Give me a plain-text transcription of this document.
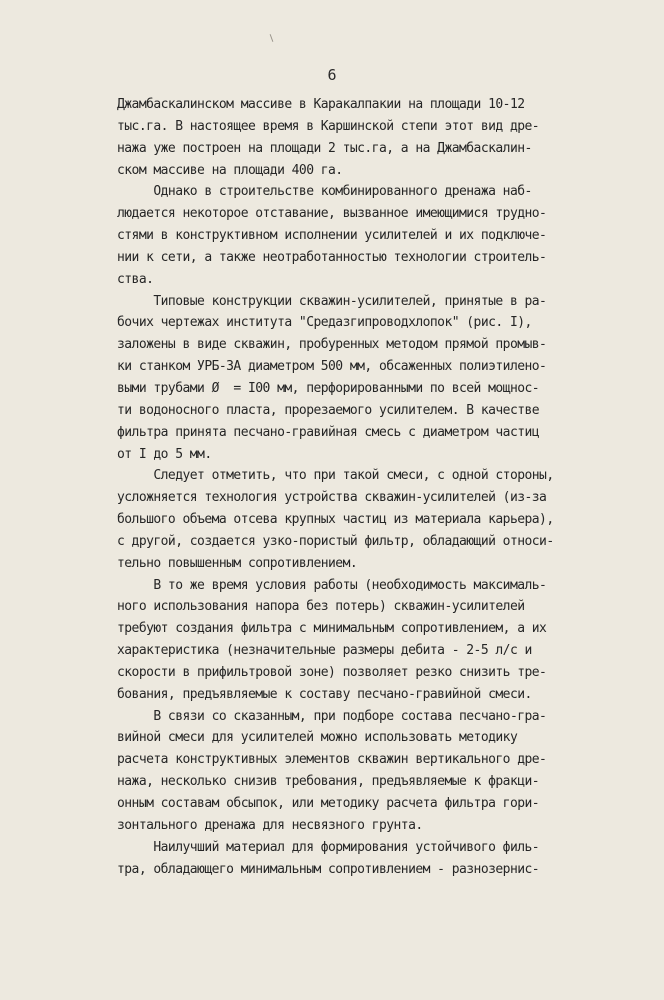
6
Джамбаскалинском массиве в Каракалпакии на площади 10-12
тыс.га. В настоящее время в Каршинской степи этот вид дре-
нажа уже построен на площади 2 тыс.га, а на Джамбаскалин-
ском массиве на площади 400 га.
Однако в строительстве комбинированного дренажа наб-
людается некоторое отставание, вызванное имеющимися трудно-
стями в конструктивном исполнении усилителей и их подключе-
нии к сети, а также неотработанностью технологии строитель-
ства.
Типовые конструкции скважин-усилителей, принятые в ра-
бочих чертежах института "Средазгипроводхлопок" (рис. I),
заложены в виде скважин, пробуренных методом прямой промыв-
ки станком УРБ-3А диаметром 500 мм, обсаженных полиэтилено-
выми трубами Ø  = I00 мм, перфорированными по всей мощнос-
ти водоносного пласта, прорезаемого усилителем. В качестве
фильтра принята песчано-гравийная смесь с диаметром частиц
от I до 5 мм.
Следует отметить, что при такой смеси, с одной стороны,
усложняется технология устройства скважин-усилителей (из-за
большого объема отсева крупных частиц из материала карьера),
с другой, создается узко-пористый фильтр, обладающий относи-
тельно повышенным сопротивлением.
В то же время условия работы (необходимость максималь-
ного использования напора без потерь) скважин-усилителей
требуют создания фильтра с минимальным сопротивлением, а их
характеристика (незначительные размеры дебита - 2-5 л/с и
скорости в прифильтровой зоне) позволяет резко снизить тре-
бования, предъявляемые к составу песчано-гравийной смеси.
В связи со сказанным, при подборе состава песчано-гра-
вийной смеси для усилителей можно использовать методику
расчета конструктивных элементов скважин вертикального дре-
нажа, несколько снизив требования, предъявляемые к фракци-
онным составам обсыпок, или методику расчета фильтра гори-
зонтального дренажа для несвязного грунта.
Наилучший материал для формирования устойчивого филь-
тра, обладающего минимальным сопротивлением - разнозернис-
